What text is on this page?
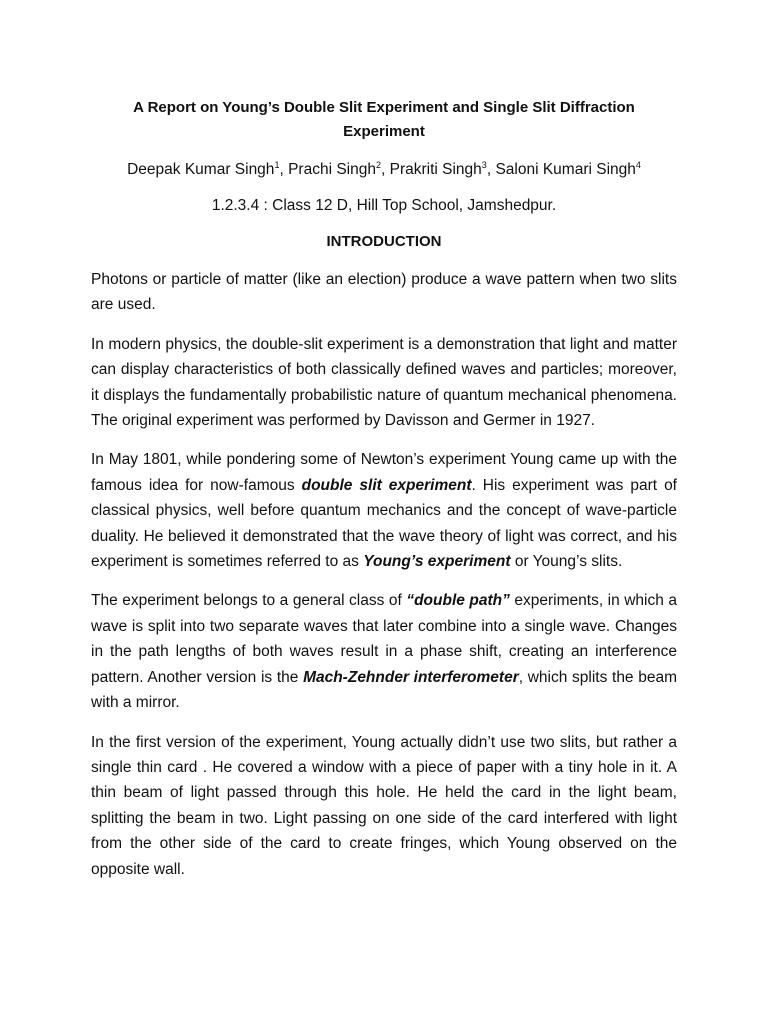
A Report on Young’s Double Slit Experiment and Single Slit Diffraction
Experiment
Deepak Kumar Singh$^1$, Prachi Singh$^2$, Prakriti Singh$^3$, Saloni Kumari Singh$^4$
1.2.3.4 : Class 12 D, Hill Top School, Jamshedpur.
INTRODUCTION

Photons or particle of matter (like an election) produce a wave pattern when two slits are used.

In modern physics, the double-slit experiment is a demonstration that light and matter can display characteristics of both classically defined waves and particles; moreover, it displays the fundamentally probabilistic nature of quantum mechanical phenomena. The original experiment was performed by Davisson and Germer in 1927.

In May 1801, while pondering some of Newton’s experiment Young came up with the famous idea for now-famous double slit experiment. His experiment was part of classical physics, well before quantum mechanics and the concept of wave-particle duality. He believed it demonstrated that the wave theory of light was correct, and his experiment is sometimes referred to as Young’s experiment or Young’s slits.

The experiment belongs to a general class of “double path” experiments, in which a wave is split into two separate waves that later combine into a single wave. Changes in the path lengths of both waves result in a phase shift, creating an interference pattern. Another version is the Mach-Zehnder interferometer, which splits the beam with a mirror.

In the first version of the experiment, Young actually didn’t use two slits, but rather a single thin card . He covered a window with a piece of paper with a tiny hole in it. A thin beam of light passed through this hole. He held the card in the light beam, splitting the beam in two. Light passing on one side of the card interfered with light from the other side of the card to create fringes, which Young observed on the opposite wall.
